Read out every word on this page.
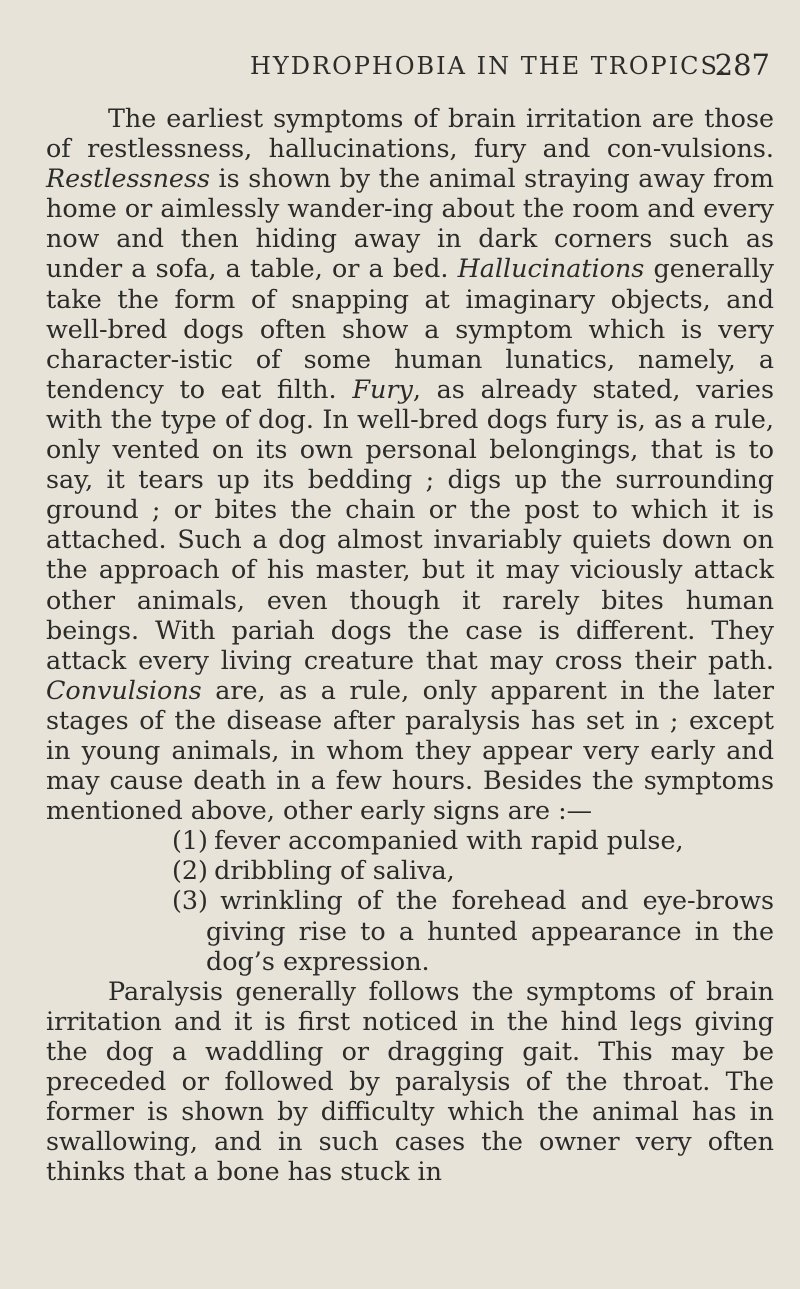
HYDROPHOBIA IN THE TROPICS.
287

The earliest symptoms of brain irritation are those of restlessness, hallucinations, fury and con-vulsions. Restlessness is shown by the animal straying away from home or aimlessly wander-ing about the room and every now and then hiding away in dark corners such as under a sofa, a table, or a bed. Hallucinations generally take the form of snapping at imaginary objects, and well-bred dogs often show a symptom which is very character-istic of some human lunatics, namely, a tendency to eat filth. Fury, as already stated, varies with the type of dog. In well-bred dogs fury is, as a rule, only vented on its own personal belongings, that is to say, it tears up its bedding ; digs up the surrounding ground ; or bites the chain or the post to which it is attached. Such a dog almost invariably quiets down on the approach of his master, but it may viciously attack other animals, even though it rarely bites human beings. With pariah dogs the case is different. They attack every living creature that may cross their path. Convulsions are, as a rule, only apparent in the later stages of the disease after paralysis has set in ; except in young animals, in whom they appear very early and may cause death in a few hours. Besides the symptoms mentioned above, other early signs are :—

(1) fever accompanied with rapid pulse,
(2) dribbling of saliva,
(3) wrinkling of the forehead and eye-brows giving rise to a hunted appearance in the dog’s expression.

Paralysis generally follows the symptoms of brain irritation and it is first noticed in the hind legs giving the dog a waddling or dragging gait. This may be preceded or followed by paralysis of the throat. The former is shown by difficulty which the animal has in swallowing, and in such cases the owner very often thinks that a bone has stuck in
